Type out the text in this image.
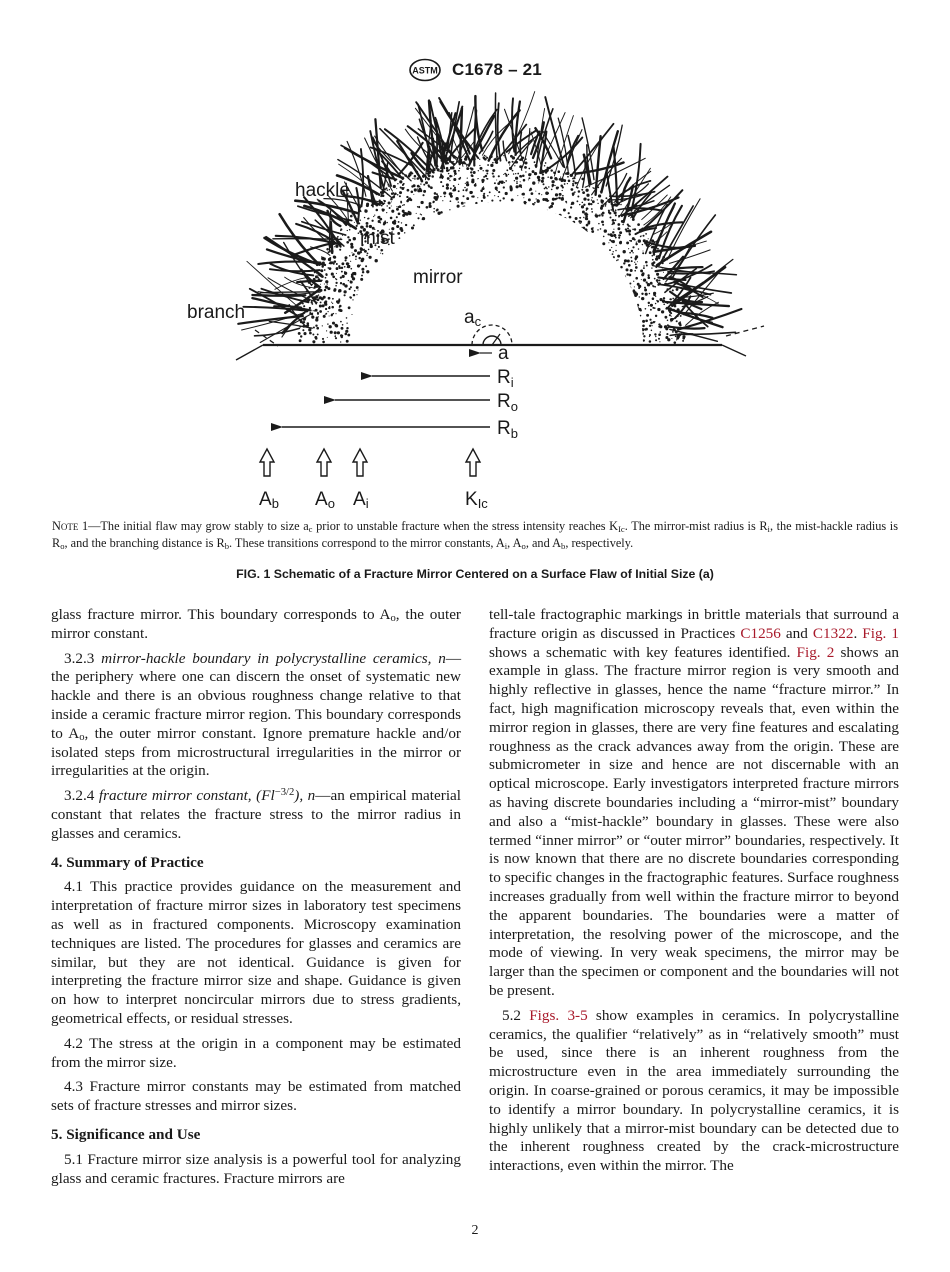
ASTM C1678 – 21
hackle
mist
mirror
branch	ac
a
$R_i$
$R_o$
$R_b$
Ab Ao Ai	KIc
Note 1—The initial flaw may grow stably to size $a_c$ prior to unstable fracture when the stress intensity reaches $K_{Ic}$. The mirror-mist radius is $R_i$, the mist-hackle radius is $R_o$, and the branching distance is $R_b$. These transitions correspond to the mirror constants, $A_i$, $A_o$, and $A_b$, respectively.
FIG. 1 Schematic of a Fracture Mirror Centered on a Surface Flaw of Initial Size (a)

glass fracture mirror. This boundary corresponds to $A_o$, the outer mirror constant.

3.2.3 mirror-hackle boundary in polycrystalline ceramics, n—the periphery where one can discern the onset of systematic new hackle and there is an obvious roughness change relative to that inside a ceramic fracture mirror region. This boundary corresponds to $A_o$, the outer mirror constant. Ignore premature hackle and/or isolated steps from microstructural irregularities in the mirror or irregularities at the origin.

3.2.4 fracture mirror constant, $(Fl^{-3/2})$, n—an empirical material constant that relates the fracture stress to the mirror radius in glasses and ceramics.

4. Summary of Practice

4.1 This practice provides guidance on the measurement and interpretation of fracture mirror sizes in laboratory test specimens as well as in fractured components. Microscopy examination techniques are listed. The procedures for glasses and ceramics are similar, but they are not identical. Guidance is given for interpreting the fracture mirror size and shape. Guidance is given on how to interpret noncircular mirrors due to stress gradients, geometrical effects, or residual stresses.

4.2 The stress at the origin in a component may be estimated from the mirror size.

4.3 Fracture mirror constants may be estimated from matched sets of fracture stresses and mirror sizes.

5. Significance and Use

5.1 Fracture mirror size analysis is a powerful tool for analyzing glass and ceramic fractures. Fracture mirrors are

tell-tale fractographic markings in brittle materials that surround a fracture origin as discussed in Practices C1256 and C1322. Fig. 1 shows a schematic with key features identified. Fig. 2 shows an example in glass. The fracture mirror region is very smooth and highly reflective in glasses, hence the name “fracture mirror.” In fact, high magnification microscopy reveals that, even within the mirror region in glasses, there are very fine features and escalating roughness as the crack advances away from the origin. These are submicrometer in size and hence are not discernable with an optical microscope. Early investigators interpreted fracture mirrors as having discrete boundaries including a “mirror-mist” boundary and also a “mist-hackle” boundary in glasses. These were also termed “inner mirror” or “outer mirror” boundaries, respectively. It is now known that there are no discrete boundaries corresponding to specific changes in the fractographic features. Surface roughness increases gradually from well within the fracture mirror to beyond the apparent boundaries. The boundaries were a matter of interpretation, the resolving power of the microscope, and the mode of viewing. In very weak specimens, the mirror may be larger than the specimen or component and the boundaries will not be present.

5.2 Figs. 3-5 show examples in ceramics. In polycrystalline ceramics, the qualifier “relatively” as in “relatively smooth” must be used, since there is an inherent roughness from the microstructure even in the area immediately surrounding the origin. In coarse-grained or porous ceramics, it may be impossible to identify a mirror boundary. In polycrystalline ceramics, it is highly unlikely that a mirror-mist boundary can be detected due to the inherent roughness created by the crack-microstructure interactions, even within the mirror. The

2
